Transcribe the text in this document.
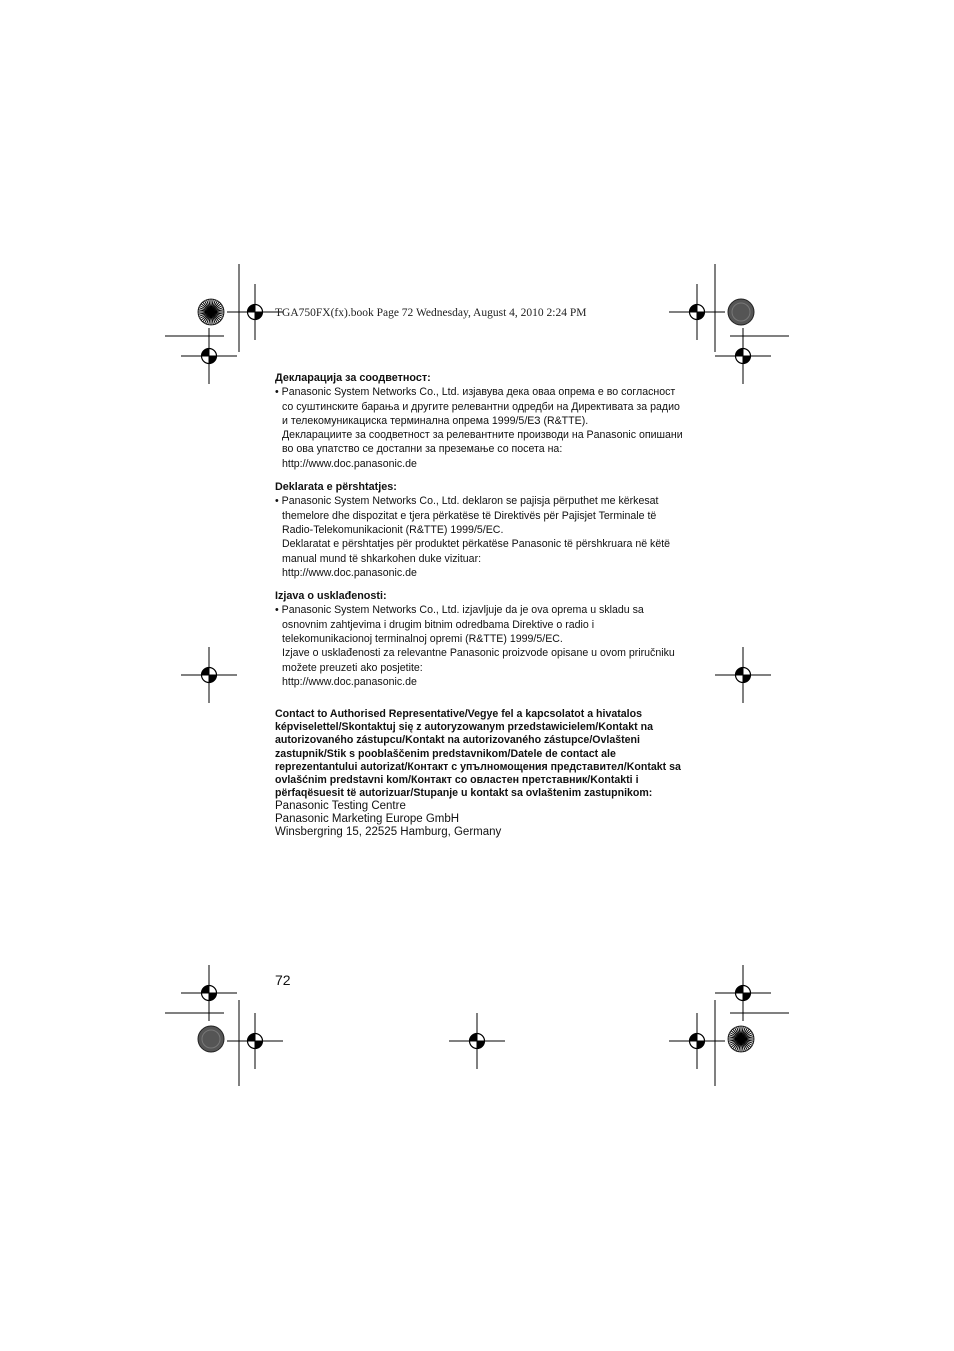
TGA750FX(fx).book Page 72 Wednesday, August 4, 2010 2:24 PM

Декларација за соодветност:

• Panasonic System Networks Co., Ltd. изјавува дека оваа опрема е во согласност со суштинските барања и другите релевантни одредби на Директивата за радио и телекомуникациска терминална опрема 1999/5/ЕЗ (R&TTE).

Декларациите за соодветност за релевантните производи на Panasonic опишани во ова упатство се достапни за преземање со посета на:

http://www.doc.panasonic.de

Deklarata e përshtatjes:

• Panasonic System Networks Co., Ltd. deklaron se pajisja përputhet me kërkesat themelore dhe dispozitat e tjera përkatëse të Direktivës për Pajisjet Terminale të Radio-Telekomunikacionit (R&TTE) 1999/5/EC.

Deklaratat e përshtatjes për produktet përkatëse Panasonic të përshkruara në këtë manual mund të shkarkohen duke vizituar:

http://www.doc.panasonic.de

Izjava o usklađenosti:

• Panasonic System Networks Co., Ltd. izjavljuje da je ova oprema u skladu sa osnovnim zahtjevima i drugim bitnim odredbama Direktive o radio i telekomunikacionoj terminalnoj opremi (R&TTE) 1999/5/EC.

Izjave o usklađenosti za relevantne Panasonic proizvode opisane u ovom priručniku možete preuzeti ako posjetite:

http://www.doc.panasonic.de

Contact to Authorised Representative/Vegye fel a kapcsolatot a hivatalos képviselettel/Skontaktuj się z autoryzowanym przedstawicielem/Kontakt na autorizovaného zástupcu/Kontakt na autorizovaného zástupce/Ovlašteni zastupnik/Stik s pooblaščenim predstavnikom/Datele de contact ale reprezentantului autorizat/Контакт с упълномощения представител/Kontakt sa ovlašćnim predstavni kom/Контакт со овластен претставник/Kontakti i përfaqësuesit të autorizuar/Stupanje u kontakt sa ovlaštenim zastupnikom:
Panasonic Testing Centre
Panasonic Marketing Europe GmbH
Winsbergring 15, 22525 Hamburg, Germany
72
